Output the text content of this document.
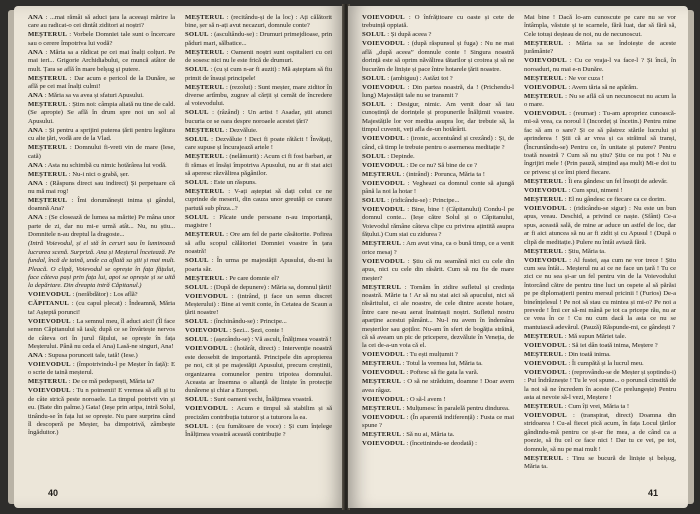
ANA : ...mai rămâi să aduci țara la aceeași mărire la care au radicat-o cei dintâi ziditori ai noștri?

MEȘTERUL : Vorbele Domniei tale sunt o încercare sau o cerere împotriva lui vodă?

ANA : Măria sa a rădicat pe cei mai înalți colțuri. Pe mai ieri... Grigorie Archidiabului, ce muncă atâtor de mult. Țara se află în mare belșug și putere.

MEȘTERUL : Dar acum e pericol de la Dunăre, se află pe cei mai înalți culmi!

ANA : Măria sa va avea și sfaturi Apusului.

MEȘTERUL : Știm noi: câmpia aliată nu tine de cald. (Se apropie) Se află în drum spre noi un sol al Apusului.

ANA : Și pentru a sprijini puterea țării pentru legătura cu alte țări, vodă are de la Vlad.

MEȘTERUL : Domnului fi-vreti vin de mare (Iese, cată)

ANA : Asta nu schimbă cu nimic hotărârea lui vodă.

MEȘTERUL : Nu-i nici o grabă, șer.

ANA : (Răspuns direct sau indirect) Și perpetuare că nu mă mai rog!

MEȘTERUL : Îmi dorumănești inima și gândul, doamnă Ana?

ANA : (Se closează de lumea sa mărite) Pe mâna unor parte de zi, dar nu mi-e urmă atât... Nu, nu știu... Domnitele n-au dreptul la dragoste...

(Intră Voievodul, și el stă în ceruri sau în luminoasă lucrarea scenă. Surpriză. Ana și Meșterul încetează. Pe fundal, încă de taină, unde ca aflată sa știi și mai mult. Pleacă. O clipă, Voievodul se oprește în fața fățului, face câteva pași prin fața lui, apoi se oprește și se uită la depărtare. Din dreapta intră Căpitanul.)

VOIEVODUL : (nerăbdător) : Los află?

CĂPITANUL : (cu capul plecat) : Îndeamnă, Măria ta! Așteptă porunci!

VOIEVODUL : La semnul meu, îl aduci aici! (Îl face semn Căpitanului să iasă; după ce se învârtește nervos de câteva ori în jurul fățului, se oprește în fața Meșterului. Până nu ceda el Ana) Lasă-ne singuri, Ana!

ANA : Supusa porunceii tale, tată! (Iese.)

VOIEVODUL : (împotrivindu-l pe Meșter în față): E o scrie de taină meșterul.

MEȘTERUL : De ce mă pedepsești, Măria ta?

VOIEVODUL : Tu n poimenii! E vremea să afli și tu de câte strică peste noroaele. La timpul potrivit vin și eu. (Bate din palme.) Gata! (Ieșe prin aripa, intră Solul, tinându-se în fața lui se oprește. Nu pare surprins când îl descoperă pe Meșter, ba dimpotrivă, zâmbește îngăduitor.)

MEȘTERUL : (recitându-și de la loc) : Ați călătorit bine, șer să n-ați avut necazuri, domnule conte?

SOLUL : (ascultându-se) : Drumuri primejdioase, prin păduri mari, sălbatice...

MEȘTERUL : Oamenii noștri sunt ospitalieri cu cei de sosesc nici nu le este frică de drumuri.

SOLUL : (cu și cum n-ar fi auzit) : Mă așteptam să fiu primit de însuși principele!

MEȘTERUL : (rezolut) : Sunt meșter, mare ziditor în diverse artîmbu, zugrav al cărții și cemăt de încredere al voievodului.

SOLUL : (râzând) : Un artist ! Asadar, știi atunci bucuria ce se oara despre noroaele acestei țări?

MEȘTERUL : Dezvăluie.

SOLUL : Dezvăluie ! Deci fi poate rătăcit ! Învățați, care supuse și încurajează artele !

MEȘTERUL : (nelămurit) : Acum ci fi fost barbari, ar fi rămas ei însăși împotriva Apusului, nu ar fi stat aici să aperesc răzvălirea păgânilor.

SOLUL : Este un răspuns.

MEȘTERUL : V-ați așteptat să dați celui ce ne cuprinde de meserii, din cauza unor greutăți ce curare partută sub pînza...?

SOLUL : Păcate unde persoane n-au importanță, magistre !

MEȘTERUL : Ore am fel de parte căsătorite. Pofirea să aflu scopul călătoriei Domniei voastre în țara noastră!

SOLUL : În urma pe majestății Apusului, du-mi la poarta săr.

MEȘTERUL : Pe care domnie el?

SOLUL : (După de depunere) : Măria sa, domnul țării!

VOIEVODUL : (intrând, ți face un semn discret Meșterului) : Bine ai venit conte, în Cetatea de Scaun a țării noastre!

SOLUL : (închinându-se) : Principe...

VOIEVODUL : Șezi... Șezi, conte !

SOLUL : (așezându-se) : Vă ascult, Înălțimea voastră !

VOIEVODUL : (hotărât, direct) : Intervenție noastră este deosebit de importantă. Principele din apropierea pe noi, cit și pe majestății Apusului, precum creștinii, organizarea comunelor pentru tripotea domnului. Aceasta ar însemna o alianță de liniște în protecție dunărene și chiar a Europei.

SOLUL : Sunt oameni vechi, Înălțimea voastră.

VOIEVODUL : Acum e timpul să stabilim și să precizăm contribuția tuturor și a tuturora la ea.

SOLUL : (cu fumătoare de voce) : Și cum înțelege Înălțimea voastră această contribuție ?

40

VOIEVODUL : O înfrățitoare cu oaste și cete de trebuință oppiată.

SOLUL : Și după aceea ?

VOIEVODUL : (după răspunsul și fuga) : Nu ne mai află „după aceea” domnule conte ! Singura noastră dorință este să oprim năvălirea tătarilor și croirea și să ne bucurăm de liniște și pace între hotarele țării noastre.

SOLUL : (ambiguu) : Astăzi tot ?

VOIEVODUL : Din partea noastră, da ! (Prichendu-l lung) Majestății tale nu se transmit ?

SOLUL : Desigur, nimic. Am venit doar să iau cunoștință de dorințele și propunerile Înălțimii voastre. Majestățile lor vor medita asupra lor, dar trebuie să, la timpul cuvenit, veți afla de-un hotărârii.

VOIEVODUL : (ironic, accentuând și crezând) : Și, de când, că timp le trebuie pentru o asemenea meditație ?

SOLUL : Depinde.

VOIEVODUL : De ce nu? Să bine de ce ?

MEȘTERUL : (intrând) : Porunca, Măria ta !

VOIEVODUL : Vegheazi ca domnul conte să ajungă până la noi la hotar !

SOLUL : (ridicându-se) : Principe...

VOIEVODUL : Bine, bine ! (Căpitanului) Condu-l pe domnul conte... (Ieșe către Solul și o Căpitanului, Voievodul rămâne câteva clipe cu privirea ațintită asupra fățului.) Cum stai cu zidurea ?

MEȘTERUL : Am avut vina, ca o bună timp, ce a venit orice mesaj ?

VOIEVODUL : Știu că nu seamănă nici cu cele din apus, nici cu cele din răsărit. Cum să nu fie de mare meșter?

MEȘTERUL : Tornăm în zidire sufletul și credința noastră. Mărie ta ! Ar să nu stai aici să apucului, nici să răsăritului, ci ale noastre, de cele dintre aceste hotare, între care ne-au aerat înaintașii noștri. Sufletul nostru aparține acestui pământ... Nu-l nu avem în îndemâna meșterilor sau goților. Nu-am în sfert de bogăția străină, că să aveam un pic de pricepere, dezvăluie în Veneția, de la cei de-a-un voia că el.

VOIEVODUL : Tu ești mulțumit ?

MEȘTERUL : Totul la vremea lui, Măria ta.

VOIEVODUL : Poftesc să fie gata la vară.

MEȘTERUL : O să ne străduim, doamne ! Doar avem avea râgaz.

VOIEVODUL : O să-l avem !

MEȘTERUL : Mulțumesc în paralelă pentru dindurea.

VOIEVODUL : (În aparentă indiferență) : Fusta ce mai spune ?

MEȘTERUL : Să nu ai, Măria ta.

VOIEVODUL : (încetinindu-se deodată) :

Mai bine ! Dacă lo-am cunoscute pe care nu se vor întâmpla, văstuie și te scarnele, fără luat, dar să fără să, Cele totuși deșteau de noi, nu de necunoscut.

MEȘTERUL : Măria sa se îndoiește de aceste jurământe?

VOIEVODUL : Cu ce vraja-l va face-l ? Și încă, în noroaduri, nu mai e-n Dunăre.

MEȘTERUL : Ne vor cuza !

VOIEVODUL : Avem tăria să ne apărăm.

MEȘTERUL : Nu se află că un necunoscut nu acum la o mare.

VOIEVODUL : (reumar) : Tu-am apropriez cunoască-mi-să vrea, ca noroul l (Incordeț și încetin.) Pentru mine fac să am o sare? Și ce să păstrez stările lucrului și aprinderea ! Știi că ar vrea și ca străinul să tranși, (Încruntându-se) Pentru ce, în unitate și putere? Pentru toată noastră ? Cum să nu știu? Știu ce nu pot ! Nu e îngrijiri mele ! (Prin pauză, simțind așa mult) Mi-e doi tu ce privesc și ce îmi pierd fiecare.

MEȘTERUL : Îi era gândesc un fel însoțit de adevăr.

VOIEVODUL : Cum spui, nimeni !

MEȘTERUL : El nu gândesc ce fiecare ca ce dorim.

VOIEVODUL : (ridicându-se sigur) : Nu este un bun apus, vreau. Deschid, a privind ce naște. (Sfânt) Ce-a spus, această sală, de mine ar aduce un astfel de loc, dar ar fi aici atuncea să nu ar fi zidit și cu Apusul ! (După o clipă de meditație.) Pulere nu întâi aviază fără.

MEȘTERUL : Știu, Măria ta.

VOIEVODUL : Al fustei, așa cum ne vor trece ! Știu cum sea întâi... Meșterul nu ai ce ne face un țară ! Tu ce zici ce nu sea și-ar un fel pentru vin de la Voievodului întorcând către de pentru tine luci un ospete al să părăsi pe pe diplomațierii pentru mersul pricinii ! (Furios) De-a bineînțelesul ! Pe noi să stau cu mintea și mi-o? Pe noi a prevede ! Îmi cer să-mi mână pe tot ca pricepe rău, nu ar ce vrea în ce ! Cu nu cum dacă la asta ce nu se mantuiască adevărul. (Pauză) Răspunde-mi, ce gândești ?

MEȘTERUL : Mă supun Măriei tale.

VOIEVODUL : Să iei dân toată inima, Meștere ?

MEȘTERUL : Din toată inima.

VOIEVODUL : Îi cumpătă și la lucrul meu.

VOIEVODUL : (reprovându-se de Meșter și șoptindu-i) : Pui îndrăznește ! Tu le voi spune... o poruncă cinstită de la noi să ne încredem în aceste (Ce prelungește) Pentru asta ai nevoie să-l vezi, Meștere !

MEȘTERUL : Cum îți vrei, Măria ta !

VOIEVODUL : (transpirat, direct) Doamna din stridoarea ! Cu-al fiecei pică acum, în fața Locul țărilor gândindu-mă pentru ce și-ar fie mea, a de când ca a poezie, să fiu cel ce face nici ! Dar tu ce vei, pe tot, domnule, să nu pe mai mult !

MEȘTERUL : Tinu se bucură de liniște și belșug, Măria ta.

41
